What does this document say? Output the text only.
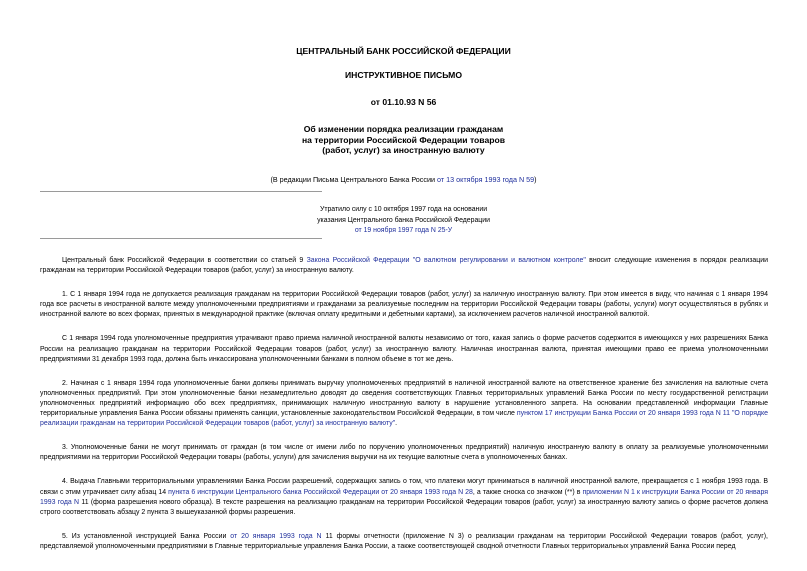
ЦЕНТРАЛЬНЫЙ БАНК РОССИЙСКОЙ ФЕДЕРАЦИИ
ИНСТРУКТИВНОЕ ПИСЬМО
от 01.10.93 N 56
Об изменении порядка реализации гражданам
на территории Российской Федерации товаров
(работ, услуг) за иностранную валюту
(В редакции Письма Центрального Банка России от 13 октября 1993 года N 59)
Утратило силу с 10 октября 1997 года на основании
указания Центрального банка Российской Федерации
от 19 ноября 1997 года N 25-У

Центральный банк Российской Федерации в соответствии со статьей 9 Закона Российской Федерации "О валютном регулировании и валютном контроле" вносит следующие изменения в порядок реализации гражданам на территории Российской Федерации товаров (работ, услуг) за иностранную валюту.

1. С 1 января 1994 года не допускается реализация гражданам на территории Российской Федерации товаров (работ, услуг) за наличную иностранную валюту. При этом имеется в виду, что начиная с 1 января 1994 года все расчеты в иностранной валюте между уполномоченными предприятиями и гражданами за реализуемые последним на территории Российской Федерации товары (работы, услуги) могут осуществляться в рублях и иностранной валюте во всех формах, принятых в международной практике (включая оплату кредитными и дебетными картами), за исключением расчетов наличной иностранной валютой.

С 1 января 1994 года уполномоченные предприятия утрачивают право приема наличной иностранной валюты независимо от того, какая запись о форме расчетов содержится в имеющихся у них разрешениях Банка России на реализацию гражданам на территории Российской Федерации товаров (работ, услуг) за иностранную валюту. Наличная иностранная валюта, принятая имеющими право ее приема уполномоченными предприятиями 31 декабря 1993 года, должна быть инкассирована уполномоченными банками в полном объеме в тот же день.

2. Начиная с 1 января 1994 года уполномоченные банки должны принимать выручку уполномоченных предприятий в наличной иностранной валюте на ответственное хранение без зачисления на валютные счета уполномоченных предприятий. При этом уполномоченные банки незамедлительно доводят до сведения соответствующих Главных территориальных управлений Банка России по месту государственной регистрации уполномоченных предприятий информацию обо всех предприятиях, принимающих наличную иностранную валюту в нарушение установленного запрета. На основании представленной информации Главные территориальные управления Банка России обязаны применять санкции, установленные законодательством Российской Федерации, в том числе пунктом 17 инструкции Банка России от 20 января 1993 года N 11 "О порядке реализации гражданам на территории Российской Федерации товаров (работ, услуг) за иностранную валюту".

3. Уполномоченные банки не могут принимать от граждан (в том числе от имени либо по поручению уполномоченных предприятий) наличную иностранную валюту в оплату за реализуемые уполномоченными предприятиями на территории Российской Федерации товары (работы, услуги) для зачисления выручки на их текущие валютные счета в уполномоченных банках.

4. Выдача Главными территориальными управлениями Банка России разрешений, содержащих запись о том, что платежи могут приниматься в наличной иностранной валюте, прекращается с 1 ноября 1993 года. В связи с этим утрачивает силу абзац 14 пункта 6 инструкции Центрального банка Российской Федерации от 20 января 1993 года N 28, а также сноска со значком (**) в приложении N 1 к инструкции Банка России от 20 января 1993 года N 11 (форма разрешения нового образца). В тексте разрешения на реализацию гражданам на территории Российской Федерации товаров (работ, услуг) за иностранную валюту запись о форме расчетов должна строго соответствовать абзацу 2 пункта 3 вышеуказанной формы разрешения.

5. Из установленной инструкцией Банка России от 20 января 1993 года N 11 формы отчетности (приложение N 3) о реализации гражданам на территории Российской Федерации товаров (работ, услуг), представляемой уполномоченными предприятиями в Главные территориальные управления Банка России, а также соответствующей сводной отчетности Главных территориальных управлений Банка России перед
